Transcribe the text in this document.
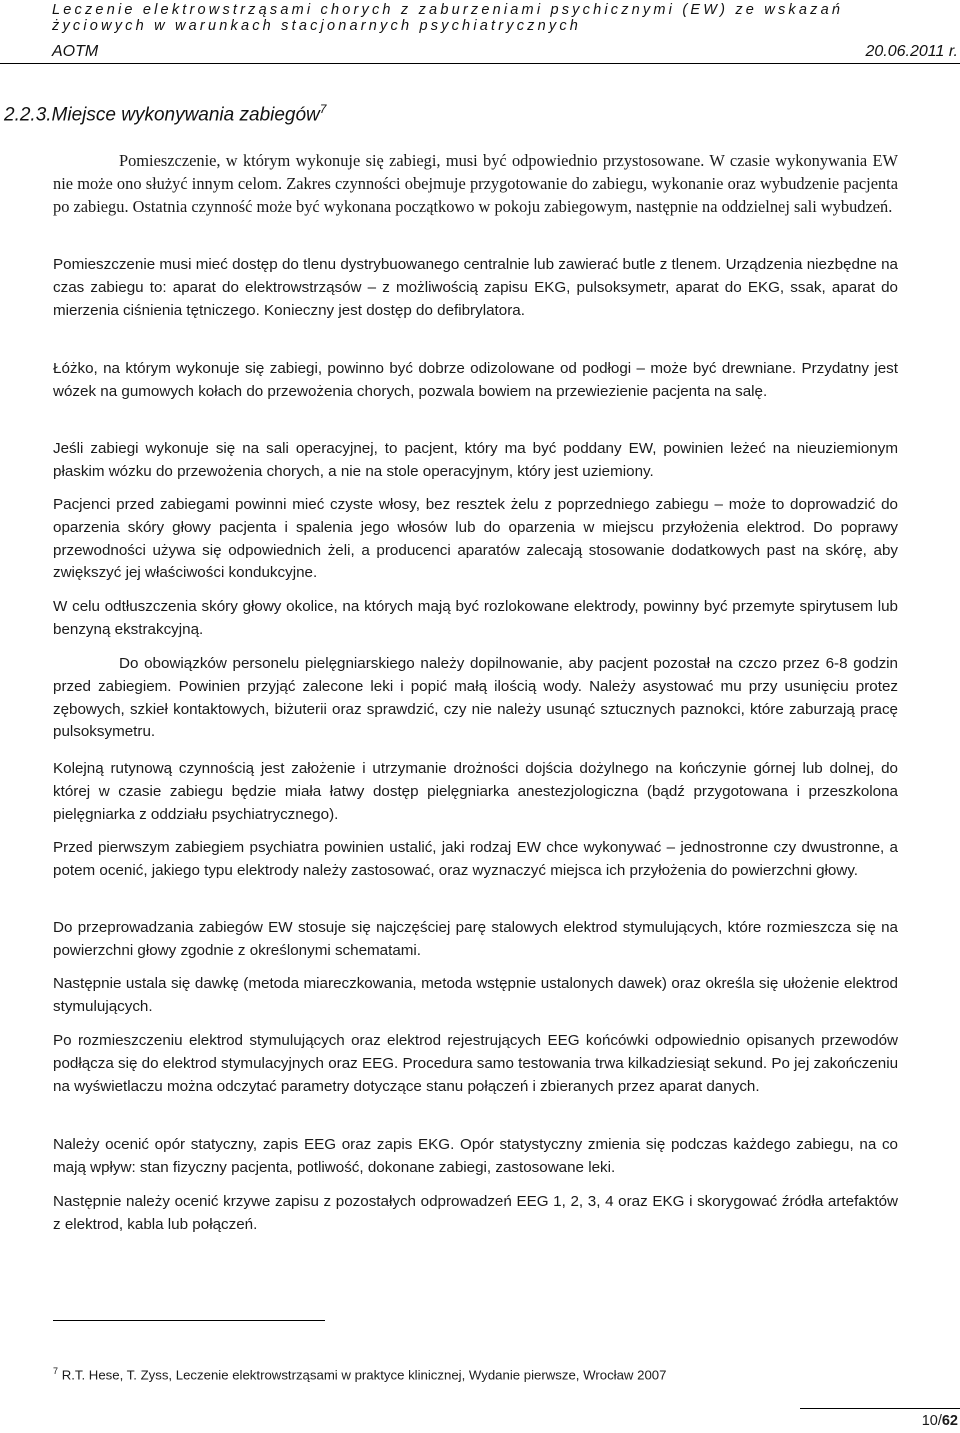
Leczenie elektrowstrząsami chorych z zaburzeniami psychicznymi (EW) ze wskazań
życiowych w warunkach stacjonarnych psychiatrycznych
AOTM	20.06.2011 r.
2.2.3.Miejsce wykonywania zabiegów$^7$

Pomieszczenie, w którym wykonuje się zabiegi, musi być odpowiednio przystosowane. W czasie wykonywania EW nie może ono służyć innym celom. Zakres czynności obejmuje przygotowanie do zabiegu, wykonanie oraz wybudzenie pacjenta po zabiegu. Ostatnia czynność może być wykonana początkowo w pokoju zabiegowym, następnie na oddzielnej sali wybudzeń.

Pomieszczenie musi mieć dostęp do tlenu dystrybuowanego centralnie lub zawierać butle z tlenem. Urządzenia niezbędne na czas zabiegu to: aparat do elektrowstrząsów – z możliwością zapisu EKG, pulsoksymetr, aparat do EKG, ssak, aparat do mierzenia ciśnienia tętniczego. Konieczny jest dostęp do defibrylatora.

Łóżko, na którym wykonuje się zabiegi, powinno być dobrze odizolowane od podłogi – może być drewniane. Przydatny jest wózek na gumowych kołach do przewożenia chorych, pozwala bowiem na przewiezienie pacjenta na salę.

Jeśli zabiegi wykonuje się na sali operacyjnej, to pacjent, który ma być poddany EW, powinien leżeć na nieuziemionym płaskim wózku do przewożenia chorych, a nie na stole operacyjnym, który jest uziemiony.

Pacjenci przed zabiegami powinni mieć czyste włosy, bez resztek żelu z poprzedniego zabiegu – może to doprowadzić do oparzenia skóry głowy pacjenta i spalenia jego włosów lub do oparzenia w miejscu przyłożenia elektrod. Do poprawy przewodności używa się odpowiednich żeli, a producenci aparatów zalecają stosowanie dodatkowych past na skórę, aby zwiększyć jej właściwości kondukcyjne.

W celu odtłuszczenia skóry głowy okolice, na których mają być rozlokowane elektrody, powinny być przemyte spirytusem lub benzyną ekstrakcyjną.

Do obowiązków personelu pielęgniarskiego należy dopilnowanie, aby pacjent pozostał na czczo przez 6-8 godzin przed zabiegiem. Powinien przyjąć zalecone leki i popić małą ilością wody. Należy asystować mu przy usunięciu protez zębowych, szkieł kontaktowych, biżuterii oraz sprawdzić, czy nie należy usunąć sztucznych paznokci, które zaburzają pracę pulsoksymetru.

Kolejną rutynową czynnością jest założenie i utrzymanie drożności dojścia dożylnego na kończynie górnej lub dolnej, do której w czasie zabiegu będzie miała łatwy dostęp pielęgniarka anestezjologiczna (bądź przygotowana i przeszkolona pielęgniarka z oddziału psychiatrycznego).

Przed pierwszym zabiegiem psychiatra powinien ustalić, jaki rodzaj EW chce wykonywać – jednostronne czy dwustronne, a potem ocenić, jakiego typu elektrody należy zastosować, oraz wyznaczyć miejsca ich przyłożenia do powierzchni głowy.

Do przeprowadzania zabiegów EW stosuje się najczęściej parę stalowych elektrod stymulujących, które rozmieszcza się na powierzchni głowy zgodnie z określonymi schematami.

Następnie ustala się dawkę (metoda miareczkowania, metoda wstępnie ustalonych dawek) oraz określa się ułożenie elektrod stymulujących.

Po rozmieszczeniu elektrod stymulujących oraz elektrod rejestrujących EEG końcówki odpowiednio opisanych przewodów podłącza się do elektrod stymulacyjnych oraz EEG. Procedura samo testowania trwa kilkadziesiąt sekund. Po jej zakończeniu na wyświetlaczu można odczytać parametry dotyczące stanu połączeń i zbieranych przez aparat danych.

Należy ocenić opór statyczny, zapis EEG oraz zapis EKG. Opór statystyczny zmienia się podczas każdego zabiegu, na co mają wpływ: stan fizyczny pacjenta, potliwość, dokonane zabiegi, zastosowane leki.

Następnie należy ocenić krzywe zapisu z pozostałych odprowadzeń EEG 1, 2, 3, 4 oraz EKG i skorygować źródła artefaktów z elektrod, kabla lub połączeń.

$^7$ R.T. Hese, T. Zyss, Leczenie elektrowstrząsami w praktyce klinicznej, Wydanie pierwsze, Wrocław 2007
10/62
